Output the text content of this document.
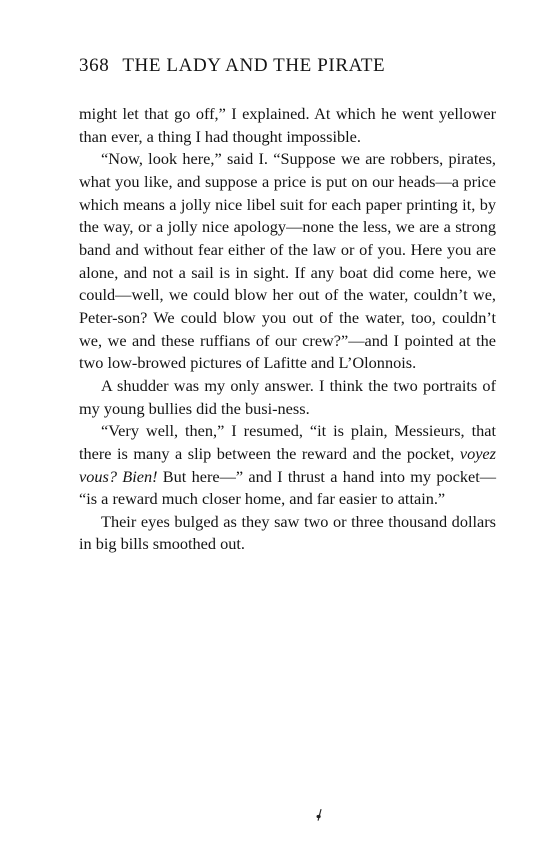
368 THE LADY AND THE PIRATE

might let that go off,” I explained. At which he went yellower than ever, a thing I had thought impossible.

“Now, look here,” said I. “Suppose we are robbers, pirates, what you like, and suppose a price is put on our heads—a price which means a jolly nice libel suit for each paper printing it, by the way, or a jolly nice apology—none the less, we are a strong band and without fear either of the law or of you. Here you are alone, and not a sail is in sight. If any boat did come here, we could—well, we could blow her out of the water, couldn’t we, Peter-son? We could blow you out of the water, too, couldn’t we, we and these ruffians of our crew?”—and I pointed at the two low-browed pictures of Lafitte and L’Olonnois.

A shudder was my only answer. I think the two portraits of my young bullies did the busi-ness.

“Very well, then,” I resumed, “it is plain, Messieurs, that there is many a slip between the reward and the pocket, voyez vous? Bien! But here—” and I thrust a hand into my pocket— “is a reward much closer home, and far easier to attain.”

Their eyes bulged as they saw two or three thousand dollars in big bills smoothed out.
